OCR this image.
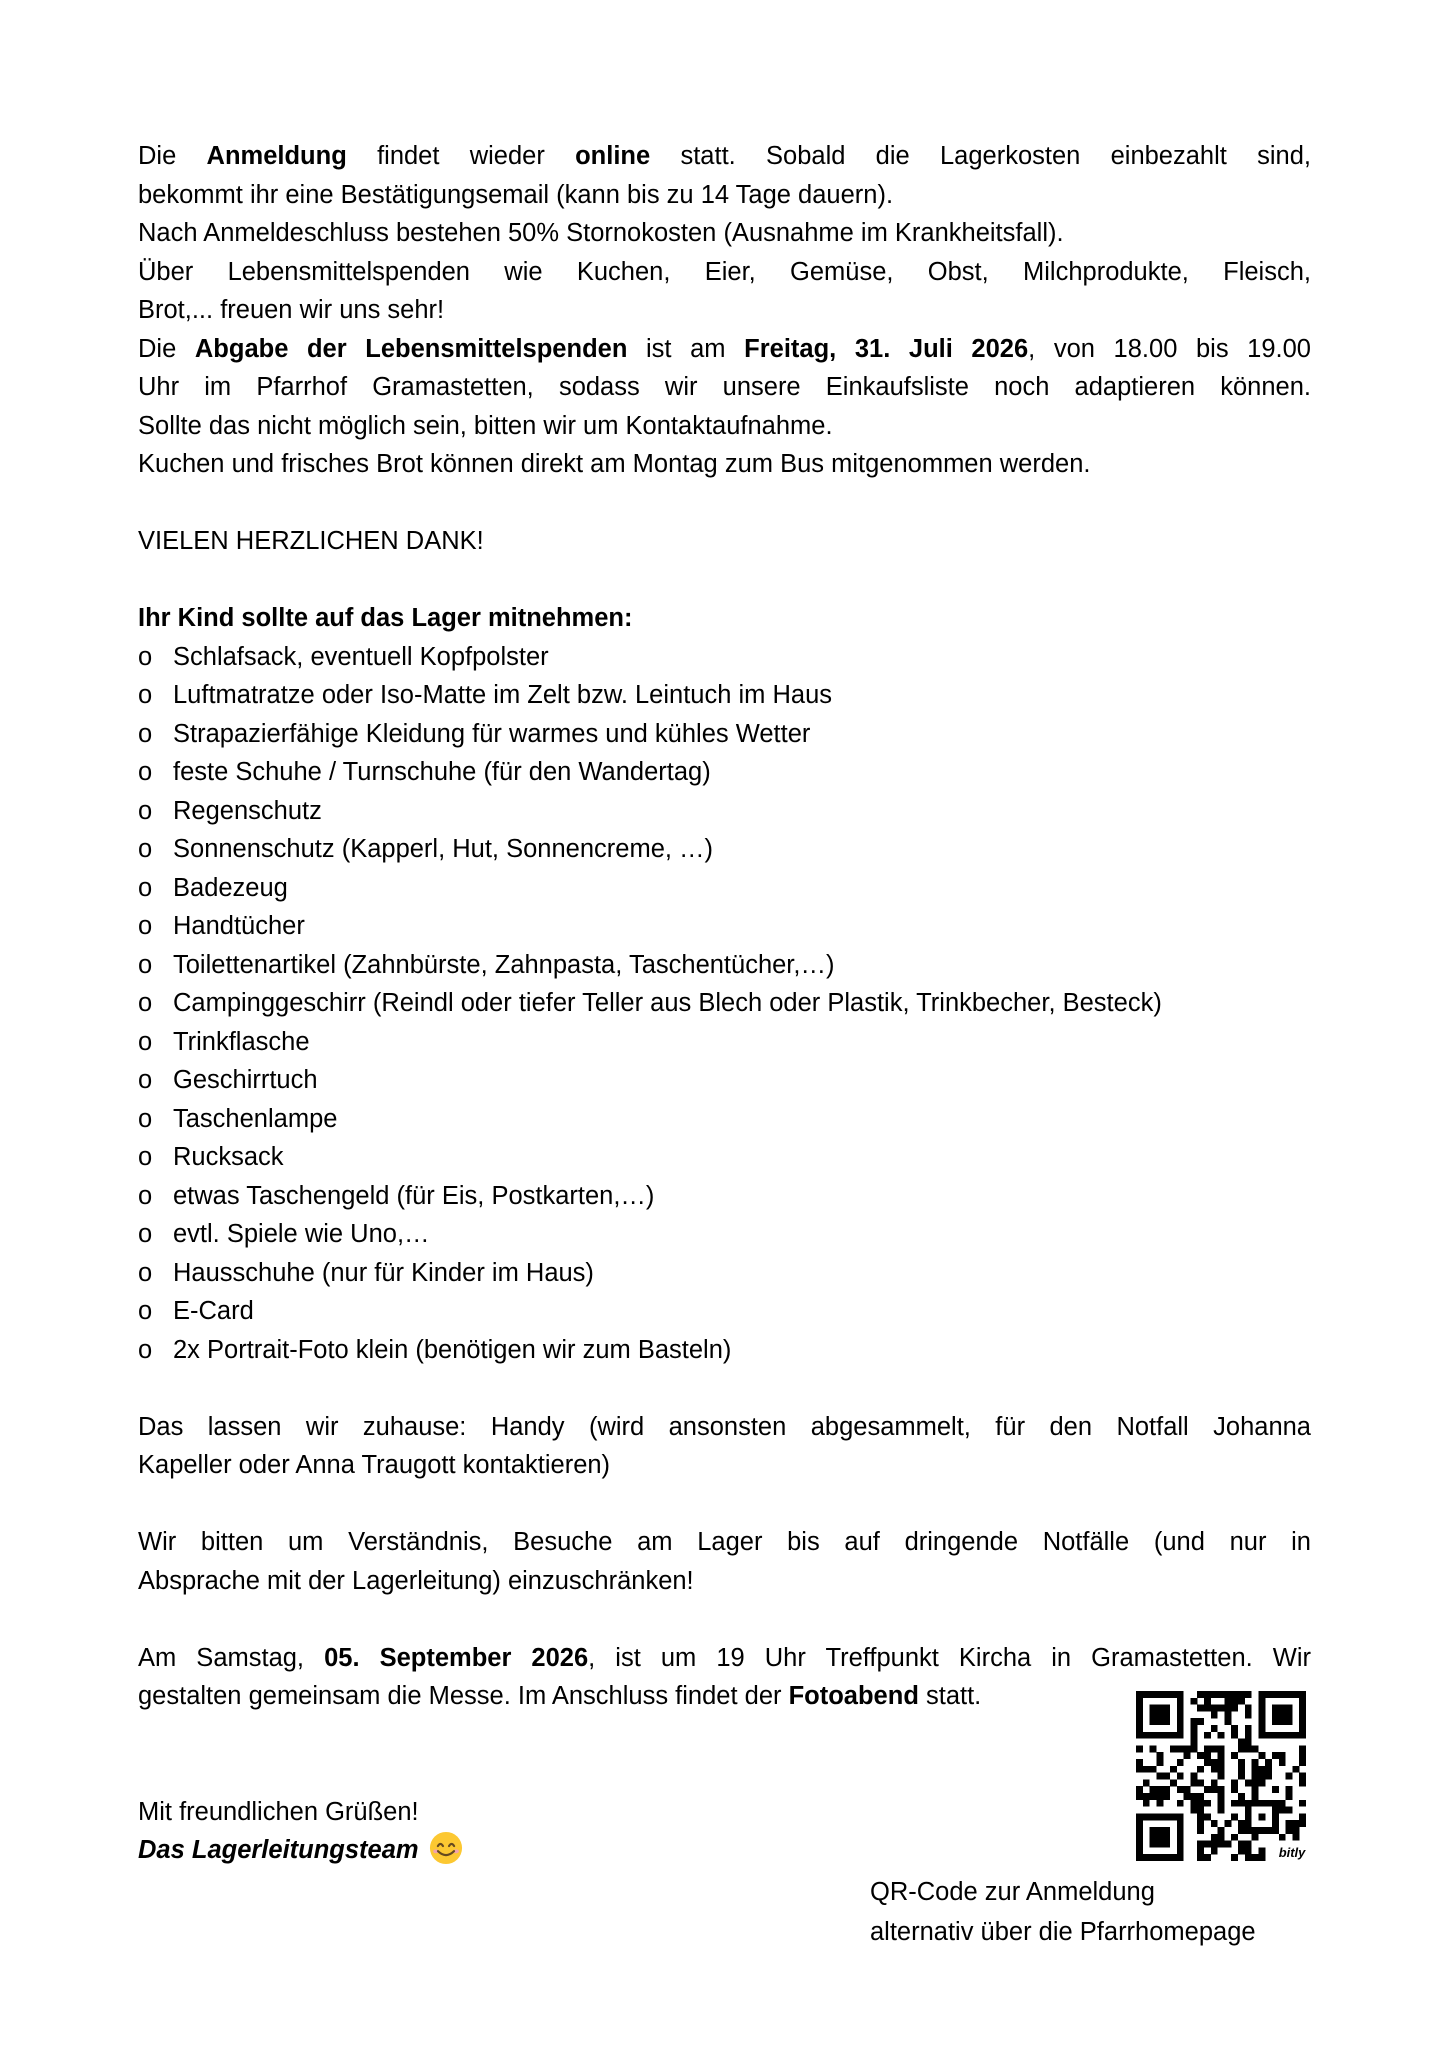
Die Anmeldung findet wieder online statt. Sobald die Lagerkosten einbezahlt sind,
bekommt ihr eine Bestätigungsemail (kann bis zu 14 Tage dauern).
Nach Anmeldeschluss bestehen 50% Stornokosten (Ausnahme im Krankheitsfall).
Über Lebensmittelspenden wie Kuchen, Eier, Gemüse, Obst, Milchprodukte, Fleisch,
Brot,... freuen wir uns sehr!
Die Abgabe der Lebensmittelspenden ist am Freitag, 31. Juli 2026, von 18.00 bis 19.00
Uhr im Pfarrhof Gramastetten, sodass wir unsere Einkaufsliste noch adaptieren können.
Sollte das nicht möglich sein, bitten wir um Kontaktaufnahme.
Kuchen und frisches Brot können direkt am Montag zum Bus mitgenommen werden.
VIELEN HERZLICHEN DANK!
Ihr Kind sollte auf das Lager mitnehmen:
o Schlafsack, eventuell Kopfpolster
o Luftmatratze oder Iso-Matte im Zelt bzw. Leintuch im Haus
o Strapazierfähige Kleidung für warmes und kühles Wetter
o feste Schuhe / Turnschuhe (für den Wandertag)
o Regenschutz
o Sonnenschutz (Kapperl, Hut, Sonnencreme, …)
o Badezeug
o Handtücher
o Toilettenartikel (Zahnbürste, Zahnpasta, Taschentücher,…)
o Campinggeschirr (Reindl oder tiefer Teller aus Blech oder Plastik, Trinkbecher, Besteck)
o Trinkflasche
o Geschirrtuch
o Taschenlampe
o Rucksack
o etwas Taschengeld (für Eis, Postkarten,…)
o evtl. Spiele wie Uno,…
o Hausschuhe (nur für Kinder im Haus)
o E-Card
o 2x Portrait-Foto klein (benötigen wir zum Basteln)
Das lassen wir zuhause: Handy (wird ansonsten abgesammelt, für den Notfall Johanna
Kapeller oder Anna Traugott kontaktieren)
Wir bitten um Verständnis, Besuche am Lager bis auf dringende Notfälle (und nur in
Absprache mit der Lagerleitung) einzuschränken!
Am Samstag, 05. September 2026, ist um 19 Uhr Treffpunkt Kircha in Gramastetten. Wir
gestalten gemeinsam die Messe. Im Anschluss findet der Fotoabend statt.
Mit freundlichen Grüßen!
Das Lagerleitungsteam	bitly
QR-Code zur Anmeldung
alternativ über die Pfarrhomepage
